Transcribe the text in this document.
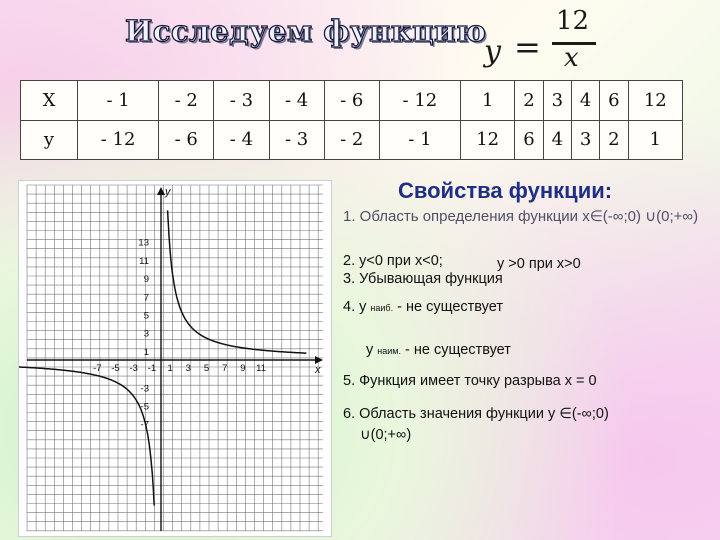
Исследуем функцию
y =
12
x
X	- 1	- 2	- 3	- 4	- 6	- 12	1	2	3	4	6	12
y	- 12	- 6	- 4	- 3	- 2	- 1	12	6	4	3	2	1
y
x
13
11
9
7
5
3
1
-3
-5
-7
-7 -5 -3 -1 1 3 5 7 9 11
Свойства функции:

1. Область определения функции x∈(-∞;0) ∪(0;+∞)

2. y<0 при x<0;	y >0 при x>0

3. Убывающая функция

4. y наиб. - не существует

y наим. - не существует

5. Функция имеет точку разрыва x = 0

6. Область значения функции y ∈(-∞;0)

∪(0;+∞)
